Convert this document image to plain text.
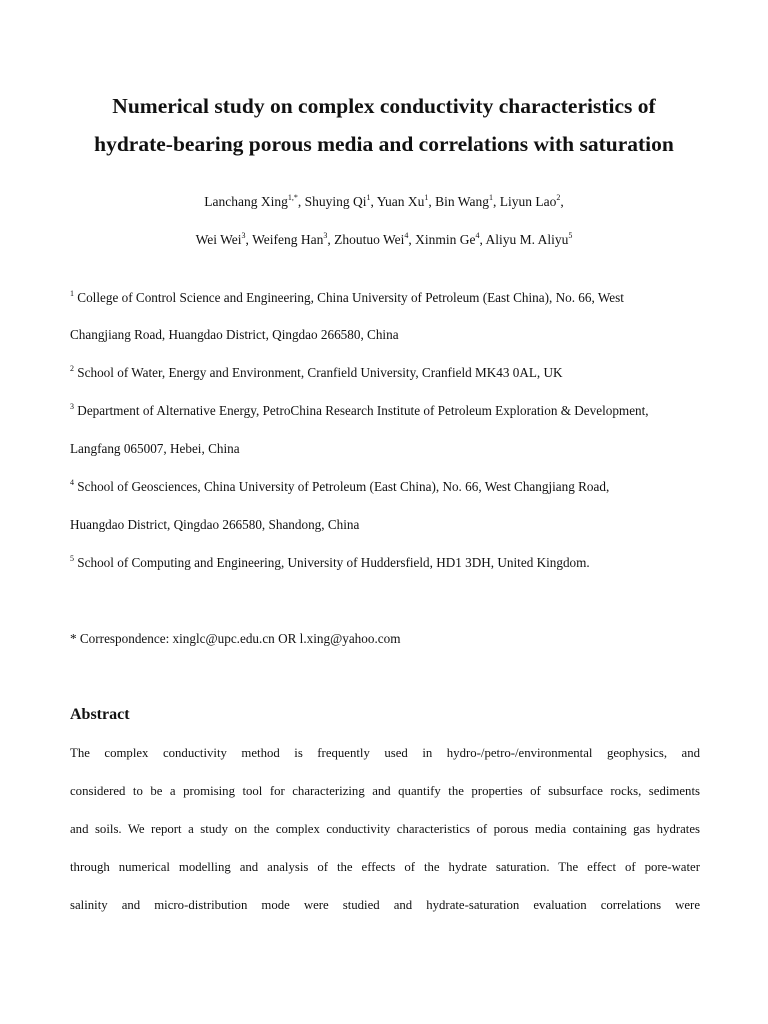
Numerical study on complex conductivity characteristics of
hydrate-bearing porous media and correlations with saturation
Lanchang Xing$^{1,*}$, Shuying Qi$^1$, Yuan Xu$^1$, Bin Wang$^1$, Liyun Lao$^2$,
Wei Wei$^3$, Weifeng Han$^3$, Zhoutuo Wei$^4$, Xinmin Ge$^4$, Aliyu M. Aliyu$^5$
$^1$ College of Control Science and Engineering, China University of Petroleum (East China), No. 66, West
Changjiang Road, Huangdao District, Qingdao 266580, China
$^2$ School of Water, Energy and Environment, Cranfield University, Cranfield MK43 0AL, UK
$^3$ Department of Alternative Energy, PetroChina Research Institute of Petroleum Exploration & Development,
Langfang 065007, Hebei, China
$^4$ School of Geosciences, China University of Petroleum (East China), No. 66, West Changjiang Road,
Huangdao District, Qingdao 266580, Shandong, China
$^5$ School of Computing and Engineering, University of Huddersfield, HD1 3DH, United Kingdom.
* Correspondence: xinglc@upc.edu.cn OR l.xing@yahoo.com
Abstract
The complex conductivity method is frequently used in hydro-/petro-/environmental geophysics, and
considered to be a promising tool for characterizing and quantify the properties of subsurface rocks, sediments
and soils. We report a study on the complex conductivity characteristics of porous media containing gas hydrates
through numerical modelling and analysis of the effects of the hydrate saturation. The effect of pore-water
salinity and micro-distribution mode were studied and hydrate-saturation evaluation correlations were
